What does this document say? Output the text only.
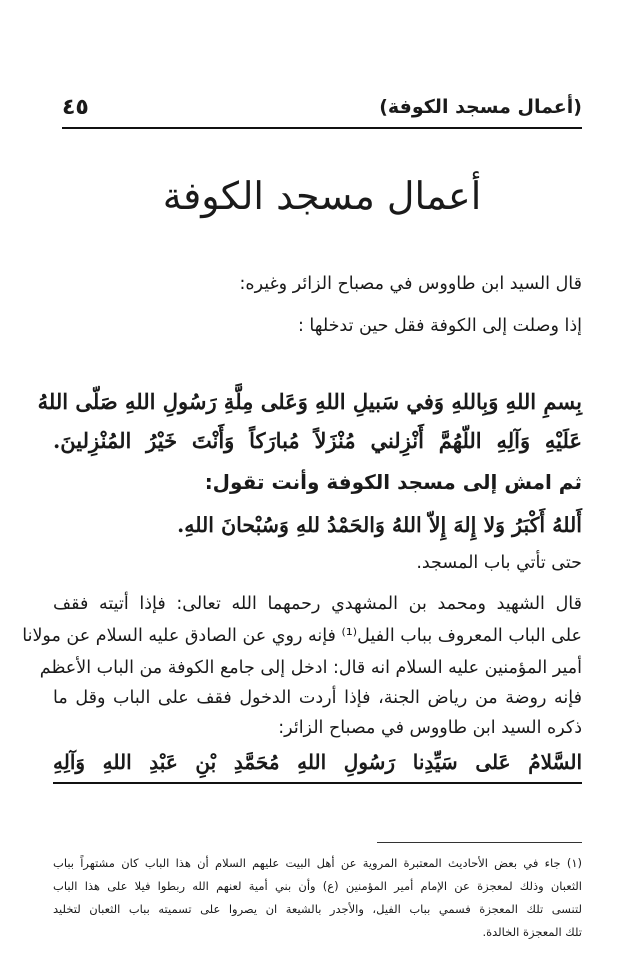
(أعمال مسجد الكوفة)
٤٥
أعمال مسجد الكوفة
قال السيد ابن طاووس في مصباح الزائر وغيره:
إذا وصلت إلى الكوفة فقل حين تدخلها :
بِسمِ اللهِ وَبِاللهِ وَفي سَبيلِ اللهِ وَعَلى مِلَّةِ رَسُولِ اللهِ صَلّى اللهُ
عَلَيْهِ وَآلِهِ اللّهُمَّ أَنْزِلني مُنْزَلاً مُبارَكاً وَأَنْتَ خَيْرُ المُنْزِلينَ.
ثم امش إلى مسجد الكوفة وأنت تقول:
أَللهُ أَكْبَرُ وَلا إِلهَ إِلاّ اللهُ وَالحَمْدُ للهِ وَسُبْحانَ اللهِ.
حتى تأتي باب المسجد.
قال الشهيد ومحمد بن المشهدي رحمهما الله تعالى: فإذا أتيته فقف
على الباب المعروف بباب الفيل⁽¹⁾ فإنه روي عن الصادق عليه السلام عن مولانا
أمير المؤمنين عليه السلام انه قال: ادخل إلى جامع الكوفة من الباب الأعظم
فإنه روضة من رياض الجنة، فإذا أردت الدخول فقف على الباب وقل ما
ذكره السيد ابن طاووس في مصباح الزائر:
السَّلامُ عَلى سَيِّدِنا رَسُولِ اللهِ مُحَمَّدِ بْنِ عَبْدِ اللهِ وَآلِهِ
(١) جاء في بعض الأحاديث المعتبرة المروية عن أهل البيت عليهم السلام أن هذا الباب كان مشتهراً بباب
الثعبان وذلك لمعجزة عن الإمام أمير المؤمنين (ع) وأن بني أمية لعنهم الله ربطوا فيلا على هذا الباب
لتنسى تلك المعجزة فسمي بباب الفيل، والأجدر بالشيعة ان يصروا على تسميته بباب الثعبان لتخليد
تلك المعجزة الخالدة.
